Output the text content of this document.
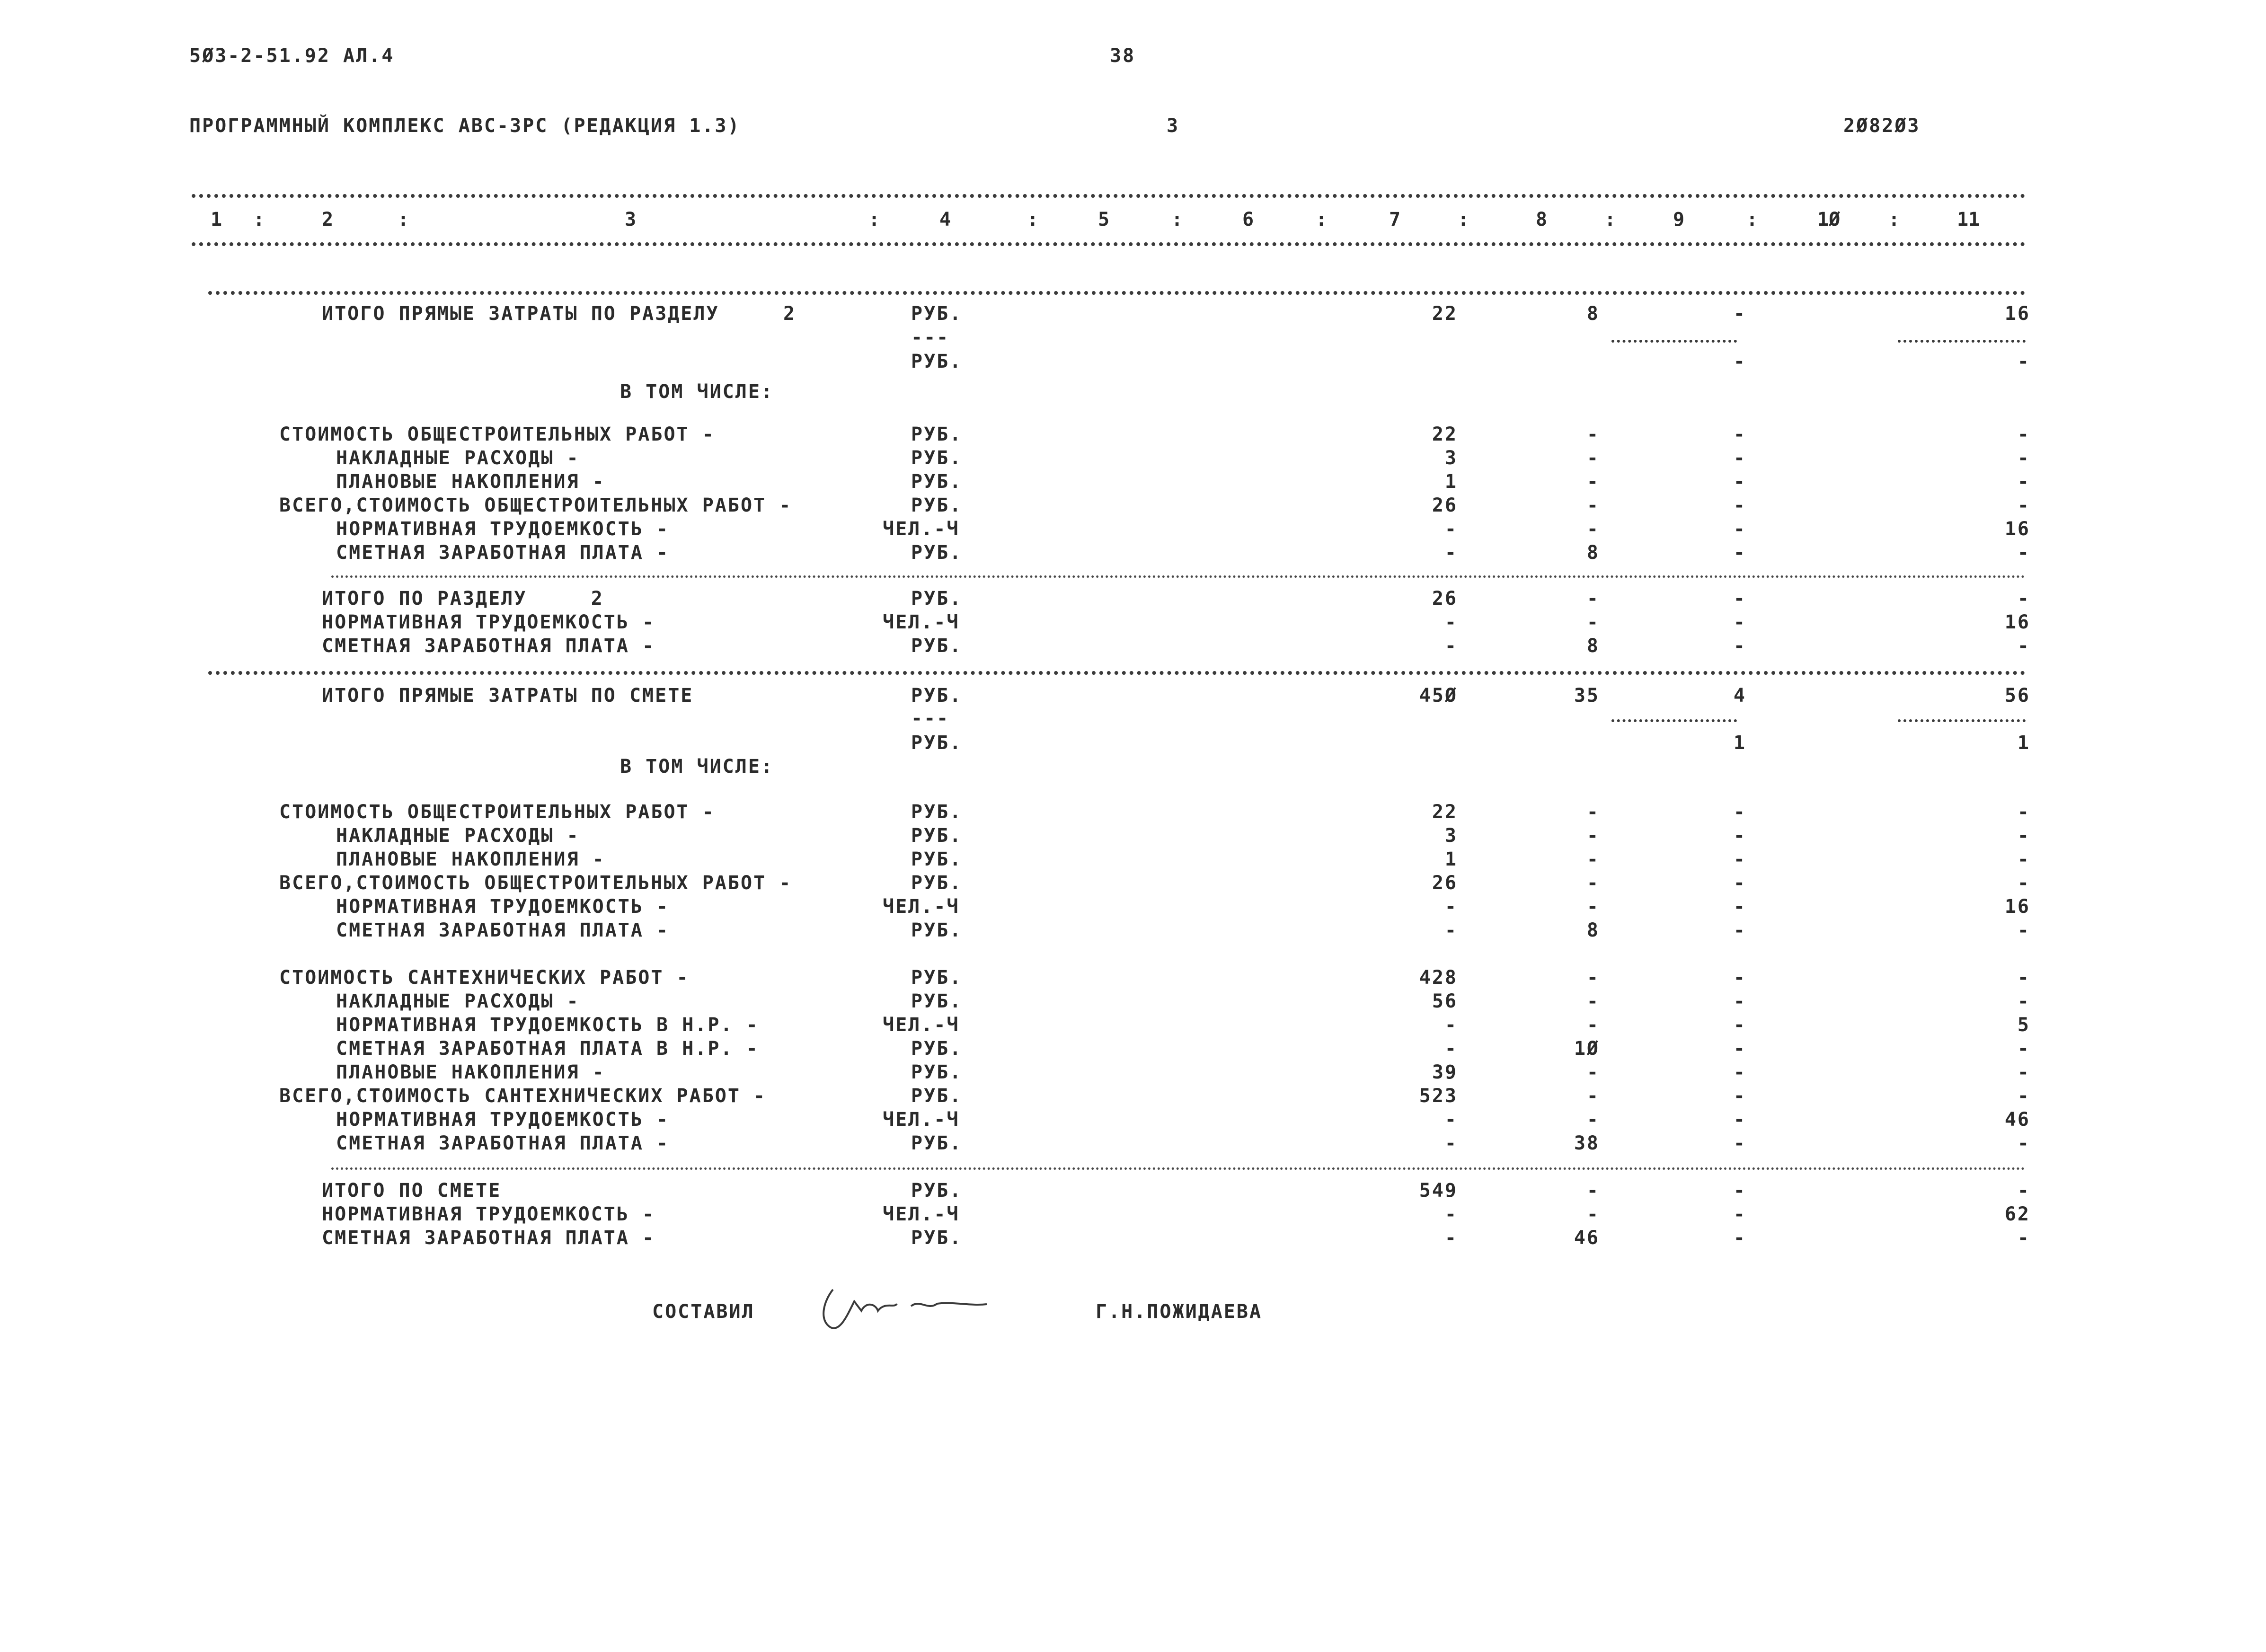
5Ø3-2-51.92 АЛ.4	38
ПРОГРАММНЫЙ КОМПЛЕКС АВС-3РС (РЕДАКЦИЯ 1.3)	3	2Ø82Ø3
1	2	3	4	5	6	7	8	9	1Ø	11
:	:	:	:	:	:	:	:	:	:
ИТОГО ПРЯМЫЕ ЗАТРАТЫ ПО РАЗДЕЛУ     2	РУБ.	22	8	-	16
---
РУБ.	-	-
В ТОМ ЧИСЛЕ:
СТОИМОСТЬ ОБЩЕСТРОИТЕЛЬНЫХ РАБОТ -	РУБ.	22	-	-	-
НАКЛАДНЫЕ РАСХОДЫ -	РУБ.	3	-	-	-
ПЛАНОВЫЕ НАКОПЛЕНИЯ -	РУБ.	1	-	-	-
ВСЕГО,СТОИМОСТЬ ОБЩЕСТРОИТЕЛЬНЫХ РАБОТ -	РУБ.	26	-	-	-
НОРМАТИВНАЯ ТРУДОЕМКОСТЬ -	ЧЕЛ.-Ч	-	-	-	16
СМЕТНАЯ ЗАРАБОТНАЯ ПЛАТА -	РУБ.	-	8	-	-
ИТОГО ПО РАЗДЕЛУ     2	РУБ.	26	-	-	-
НОРМАТИВНАЯ ТРУДОЕМКОСТЬ -	ЧЕЛ.-Ч	-	-	-	16
СМЕТНАЯ ЗАРАБОТНАЯ ПЛАТА -	РУБ.	-	8	-	-
ИТОГО ПРЯМЫЕ ЗАТРАТЫ ПО СМЕТЕ	РУБ.	45Ø	35	4	56
---
РУБ.	1	1
В ТОМ ЧИСЛЕ:
СТОИМОСТЬ ОБЩЕСТРОИТЕЛЬНЫХ РАБОТ -	РУБ.	22	-	-	-
НАКЛАДНЫЕ РАСХОДЫ -	РУБ.	3	-	-	-
ПЛАНОВЫЕ НАКОПЛЕНИЯ -	РУБ.	1	-	-	-
ВСЕГО,СТОИМОСТЬ ОБЩЕСТРОИТЕЛЬНЫХ РАБОТ -	РУБ.	26	-	-	-
НОРМАТИВНАЯ ТРУДОЕМКОСТЬ -	ЧЕЛ.-Ч	-	-	-	16
СМЕТНАЯ ЗАРАБОТНАЯ ПЛАТА -	РУБ.	-	8	-	-
СТОИМОСТЬ САНТЕХНИЧЕСКИХ РАБОТ -	РУБ.	428	-	-	-
НАКЛАДНЫЕ РАСХОДЫ -	РУБ.	56	-	-	-
НОРМАТИВНАЯ ТРУДОЕМКОСТЬ В Н.Р. -	ЧЕЛ.-Ч	-	-	-	5
СМЕТНАЯ ЗАРАБОТНАЯ ПЛАТА В Н.Р. -	РУБ.	-	1Ø	-	-
ПЛАНОВЫЕ НАКОПЛЕНИЯ -	РУБ.	39	-	-	-
ВСЕГО,СТОИМОСТЬ САНТЕХНИЧЕСКИХ РАБОТ -	РУБ.	523	-	-	-
НОРМАТИВНАЯ ТРУДОЕМКОСТЬ -	ЧЕЛ.-Ч	-	-	-	46
СМЕТНАЯ ЗАРАБОТНАЯ ПЛАТА -	РУБ.	-	38	-	-
ИТОГО ПО СМЕТЕ	РУБ.	549	-	-	-
НОРМАТИВНАЯ ТРУДОЕМКОСТЬ -	ЧЕЛ.-Ч	-	-	-	62
СМЕТНАЯ ЗАРАБОТНАЯ ПЛАТА -	РУБ.	-	46	-	-
СОСТАВИЛ	Г.Н.ПОЖИДАЕВА
